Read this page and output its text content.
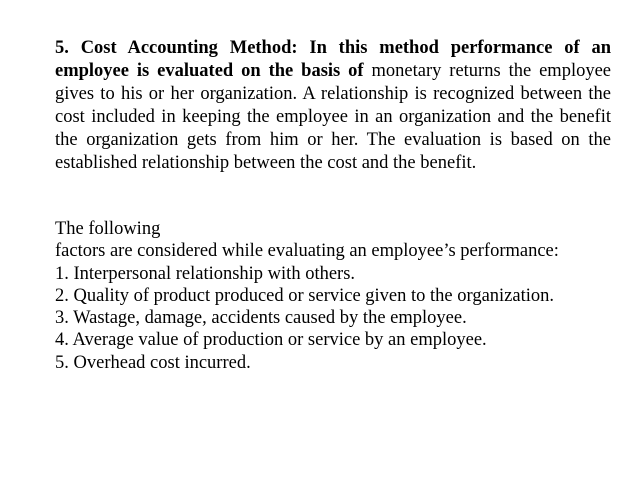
5. Cost Accounting Method: In this method performance of an employee is evaluated on the basis of monetary returns the employee gives to his or her organization. A relationship is recognized between the cost included in keeping the employee in an organization and the benefit the organization gets from him or her. The evaluation is based on the established relationship between the cost and the benefit.

The following
factors are considered while evaluating an employee’s performance:
1. Interpersonal relationship with others.
2. Quality of product produced or service given to the organization.
3. Wastage, damage, accidents caused by the employee.
4. Average value of production or service by an employee.
5. Overhead cost incurred.
